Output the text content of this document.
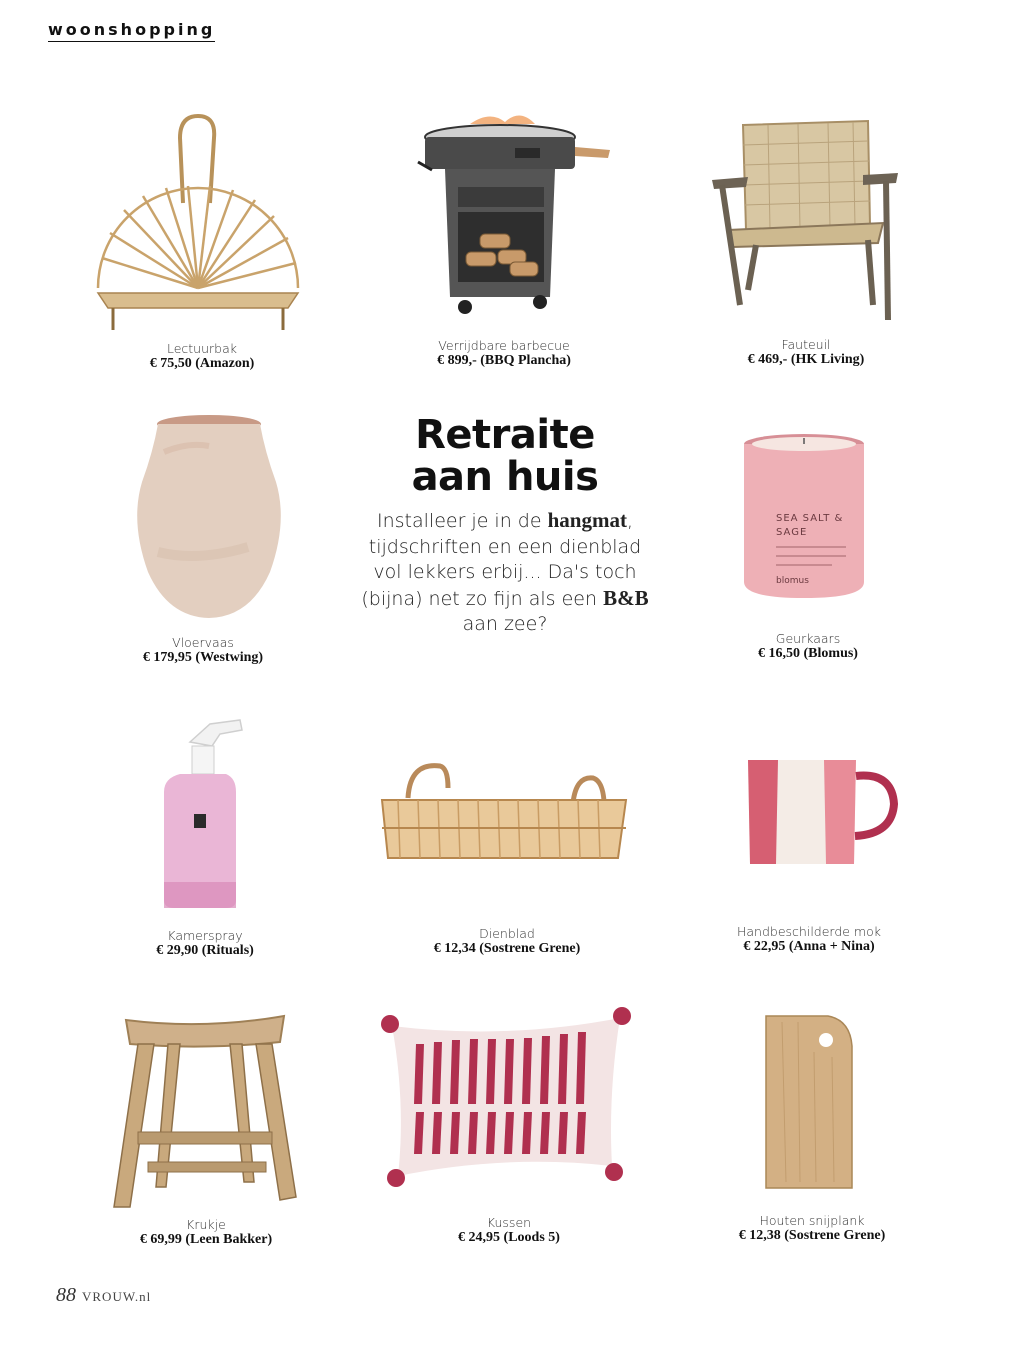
woonshopping
Lectuurbak
€ 75,50 (Amazon)
Verrijdbare barbecue
€ 899,- (BBQ Plancha)
Fauteuil
€ 469,- (HK Living)
Vloervaas
€ 179,95 (Westwing)
Retraite
aan huis
Installeer je in de hangmat, tijdschriften en een dienblad vol lekkers erbij... Da's toch (bijna) net zo fijn als een B&B aan zee?
SEA SALT &
SAGE
blomus
Geurkaars
€ 16,50 (Blomus)
Kamerspray
€ 29,90 (Rituals)
Dienblad
€ 12,34 (Sostrene Grene)
Handbeschilderde mok
€ 22,95 (Anna + Nina)
Krukje
€ 69,99 (Leen Bakker)
Kussen
€ 24,95 (Loods 5)
Houten snijplank
€ 12,38 (Sostrene Grene)
88 VROUW.nl
